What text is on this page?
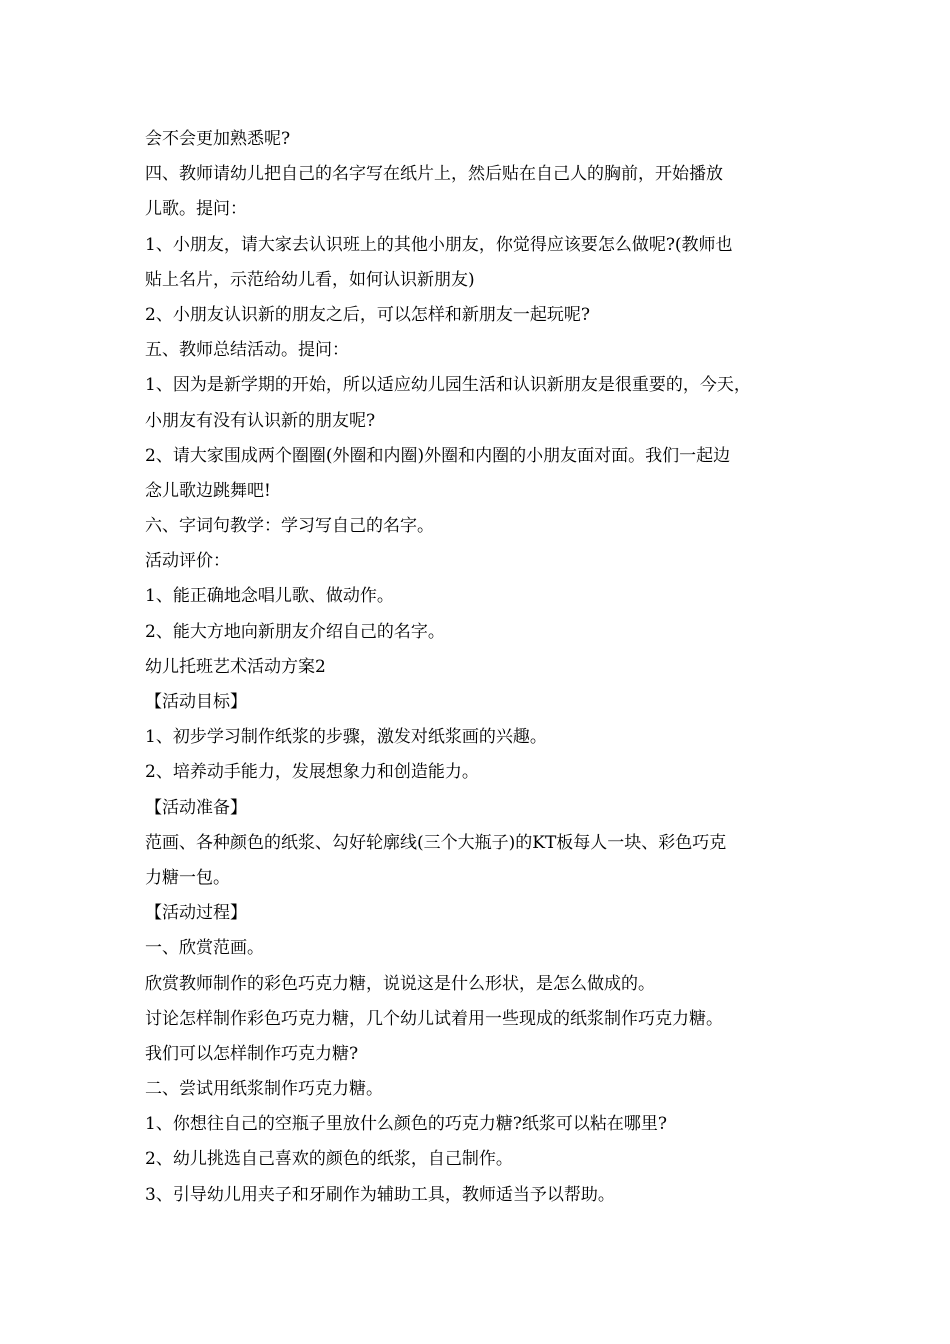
会不会更加熟悉呢?
四、教师请幼儿把自己的名字写在纸片上，然后贴在自己人的胸前，开始播放
儿歌。提问：
1、小朋友，请大家去认识班上的其他小朋友，你觉得应该要怎么做呢?(教师也
贴上名片，示范给幼儿看，如何认识新朋友)
2、小朋友认识新的朋友之后，可以怎样和新朋友一起玩呢?
五、教师总结活动。提问：
1、因为是新学期的开始，所以适应幼儿园生活和认识新朋友是很重要的，今天，
小朋友有没有认识新的朋友呢?
2、请大家围成两个圈圈(外圈和内圈)外圈和内圈的小朋友面对面。我们一起边
念儿歌边跳舞吧!
六、字词句教学：学习写自己的名字。
活动评价：
1、能正确地念唱儿歌、做动作。
2、能大方地向新朋友介绍自己的名字。
幼儿托班艺术活动方案2
【活动目标】
1、初步学习制作纸浆的步骤，激发对纸浆画的兴趣。
2、培养动手能力，发展想象力和创造能力。
【活动准备】
范画、各种颜色的纸浆、勾好轮廓线(三个大瓶子)的KT板每人一块、彩色巧克
力糖一包。
【活动过程】
一、欣赏范画。
欣赏教师制作的彩色巧克力糖，说说这是什么形状，是怎么做成的。
讨论怎样制作彩色巧克力糖，几个幼儿试着用一些现成的纸浆制作巧克力糖。
我们可以怎样制作巧克力糖?
二、尝试用纸浆制作巧克力糖。
1、你想往自己的空瓶子里放什么颜色的巧克力糖?纸浆可以粘在哪里?
2、幼儿挑选自己喜欢的颜色的纸浆，自己制作。
3、引导幼儿用夹子和牙刷作为辅助工具，教师适当予以帮助。
